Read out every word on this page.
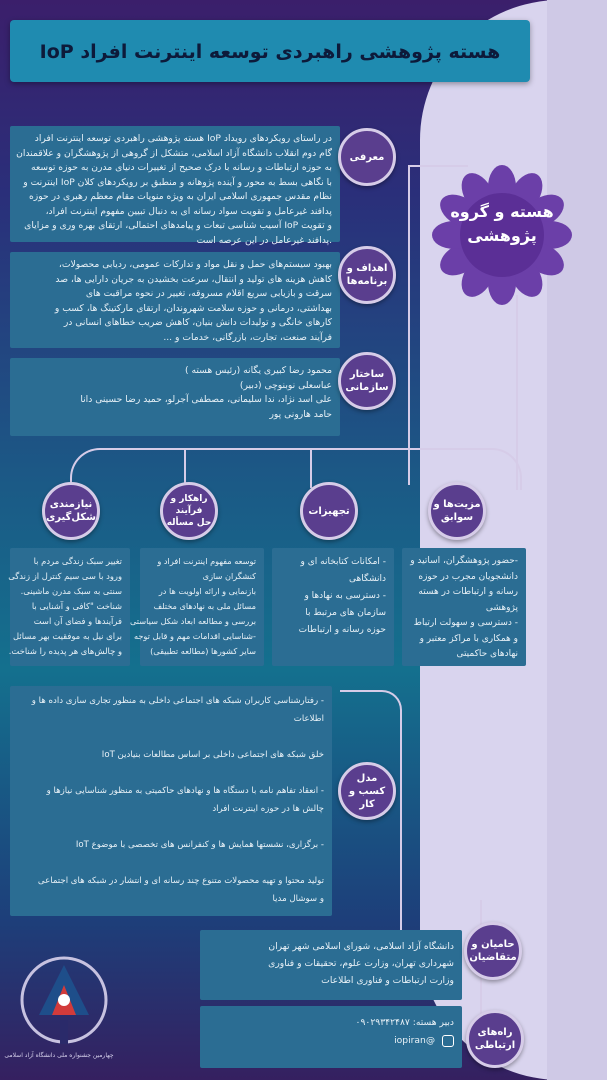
هسته پژوهشی راهبردی توسعه اینترنت افراد IoP
هسته و گروه
پژوهشی
در راستای رویکردهای رویداد IoP هسته پژوهشی راهبردی توسعه اینترنت افراد
گام دوم انقلاب دانشگاه آزاد اسلامی، متشکل از گروهی از پژوهشگران و علاقمندان
به حوزه ارتباطات و رسانه با درک صحیح از تغییرات دنیای مدرن به حوزه توسعه
با نگاهی بسط به محور و آینده پژوهانه و منطبق بر رویکردهای کلان IoP اینترنت و
نظام مقدس جمهوری اسلامی ایران به ویژه منویات مقام معظم رهبری در حوزه
پدافند غیرعامل و تقویت سواد رسانه ای به دنبال تبیین مفهوم اینترنت افراد،
و تقویت IoP آسیب شناسی تبعات و پیامدهای احتمالی، ارتقای بهره وری و مزایای
.پدافند غیرعامل در این عرصه است
معرفی
بهبود سیستم‌های حمل و نقل مواد و تدارکات عمومی، ردیابی محصولات،
کاهش هزینه های تولید و انتقال، سرعت بخشیدن به جریان دارایی ها، صد
سرقت و بازیابی سریع اقلام مسروقه، تغییر در نحوه مراقبت های
بهداشتی، درمانی و حوزه سلامت شهروندان، ارتقای مارکتینگ ها، کسب و
کارهای خانگی و تولیدات دانش بنیان، کاهش ضریب خطاهای انسانی در
فرآیند صنعت، تجارت، بازرگانی، خدمات و ...
اهداف و
برنامه‌ها
محمود رضا کبیری یگانه (رئیس هسته )
عباسعلی نوبنوچی (دبیر)
علی اسد نژاد، ندا سلیمانی، مصطفی آجرلو، حمید رضا حسینی دانا
حامد هارونی پور
ساختار
سازمانی
نیازمندی
شکل‌گیری
راهکار و
فرآیند
حل مسأله
تجهیزات
مزیت‌ها و
سوابق
تغییر سبک زندگی مردم با
ورود با سی سیم کنترل از زندگی
سنتی به سبک مدرن ماشینی.
شناخت "کافی و آشنایی با
فرآیندها و فضای آن است
برای نیل به موفقیت بهر مسائل
و چالش‌های هر پدیده را شناخت.
توسعه مفهوم اینترنت افراد و
کنشگران سازی
بازنمایی و ارائه اولویت ها در
مسائل ملی به نهادهای مختلف
بررسی و مطالعه ابعاد شکل سیاستی
-شناسایی اقدامات مهم و قابل توجه
سایر کشورها (مطالعه تطبیقی)
- امکانات کتابخانه ای و
دانشگاهی
- دسترسی به نهادها و
سازمان های مرتبط با
حوزه رسانه و ارتباطات
-حضور پژوهشگران، اساتید و
دانشجویان مجرب در حوزه
رسانه و ارتباطات در هسته
پژوهشی
- دسترسی و سهولت ارتباط
و همکاری با مراکز معتبر و
نهادهای حاکمیتی
- رفتارشناسی کاربران شبکه های اجتماعی داخلی به منظور تجاری سازی داده ها و
اطلاعات

خلق شبکه های اجتماعی داخلی بر اساس مطالعات بنیادین IoT

- انعقاد تفاهم نامه با دستگاه ها و نهادهای حاکمیتی به منظور شناسایی نیازها و
چالش ها در حوزه اینترنت افراد

- برگزاری، نشستها همایش ها و کنفرانس های تخصصی با موضوع IoT

تولید محتوا و تهیه محصولات متنوع چند رسانه ای و انتشار در شبکه های اجتماعی
و سوشال مدیا
مدل
کسب و کار
دانشگاه آزاد اسلامی، شورای اسلامی شهر تهران
شهرداری تهران، وزارت علوم، تحقیقات و فناوری
وزارت ارتباطات و فناوری اطلاعات
حامیان و
متقاضیان
دبیر هسته: ۰۹۰۲۹۳۴۲۴۸۷
@iopiran
راه‌های
ارتباطی
چهارمین جشنواره ملی دانشگاه آزاد اسلامی
